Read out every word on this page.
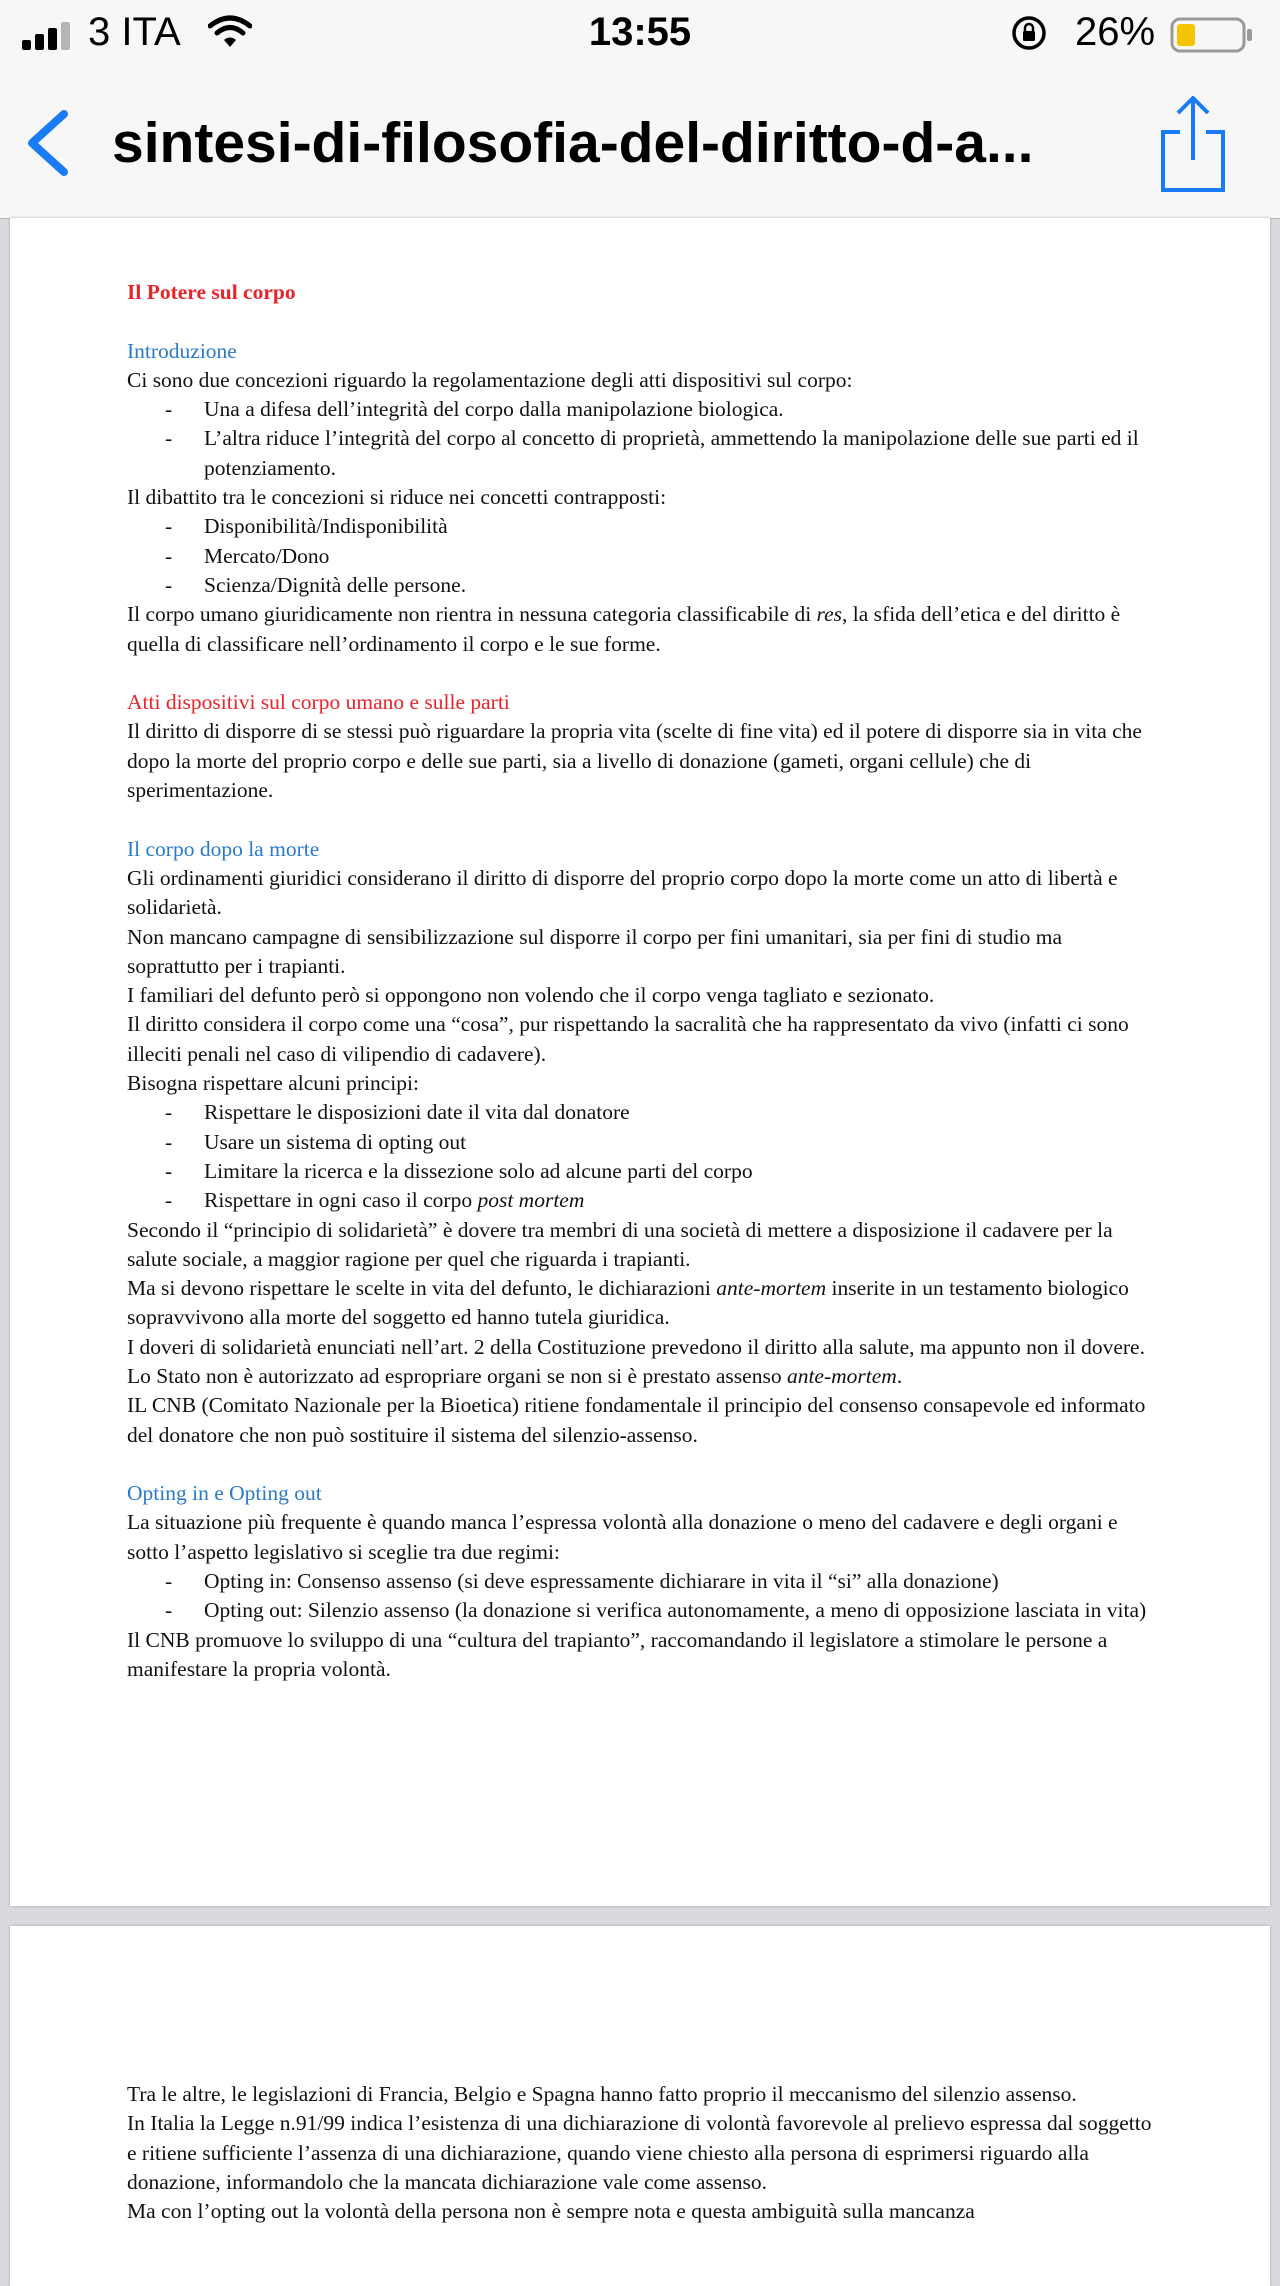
3 ITA	13:55	26%
sintesi-di-filosofia-del-diritto-d-a...

Il Potere sul corpo

Introduzione

Ci sono due concezioni riguardo la regolamentazione degli atti dispositivi sul corpo:

- Una a difesa dell’integrità del corpo dalla manipolazione biologica.
- L’altra riduce l’integrità del corpo al concetto di proprietà, ammettendo la manipolazione delle sue parti ed il potenziamento.

Il dibattito tra le concezioni si riduce nei concetti contrapposti:

- Disponibilità/Indisponibilità
- Mercato/Dono
- Scienza/Dignità delle persone.

Il corpo umano giuridicamente non rientra in nessuna categoria classificabile di res, la sfida dell’etica e del diritto è quella di classificare nell’ordinamento il corpo e le sue forme.

Atti dispositivi sul corpo umano e sulle parti

Il diritto di disporre di se stessi può riguardare la propria vita (scelte di fine vita) ed il potere di disporre sia in vita che dopo la morte del proprio corpo e delle sue parti, sia a livello di donazione (gameti, organi cellule) che di sperimentazione.

Il corpo dopo la morte

Gli ordinamenti giuridici considerano il diritto di disporre del proprio corpo dopo la morte come un atto di libertà e solidarietà.

Non mancano campagne di sensibilizzazione sul disporre il corpo per fini umanitari, sia per fini di studio ma soprattutto per i trapianti.

I familiari del defunto però si oppongono non volendo che il corpo venga tagliato e sezionato.

Il diritto considera il corpo come una “cosa”, pur rispettando la sacralità che ha rappresentato da vivo (infatti ci sono illeciti penali nel caso di vilipendio di cadavere).

Bisogna rispettare alcuni principi:

- Rispettare le disposizioni date il vita dal donatore
- Usare un sistema di opting out
- Limitare la ricerca e la dissezione solo ad alcune parti del corpo
- Rispettare in ogni caso il corpo post mortem

Secondo il “principio di solidarietà” è dovere tra membri di una società di mettere a disposizione il cadavere per la salute sociale, a maggior ragione per quel che riguarda i trapianti.

Ma si devono rispettare le scelte in vita del defunto, le dichiarazioni ante-mortem inserite in un testamento biologico sopravvivono alla morte del soggetto ed hanno tutela giuridica.

I doveri di solidarietà enunciati nell’art. 2 della Costituzione prevedono il diritto alla salute, ma appunto non il dovere. Lo Stato non è autorizzato ad espropriare organi se non si è prestato assenso ante-mortem.

IL CNB (Comitato Nazionale per la Bioetica) ritiene fondamentale il principio del consenso consapevole ed informato del donatore che non può sostituire il sistema del silenzio-assenso.

Opting in e Opting out

La situazione più frequente è quando manca l’espressa volontà alla donazione o meno del cadavere e degli organi e sotto l’aspetto legislativo si sceglie tra due regimi:

- Opting in: Consenso assenso (si deve espressamente dichiarare in vita il “si” alla donazione)
- Opting out: Silenzio assenso (la donazione si verifica autonomamente, a meno di opposizione lasciata in vita)

Il CNB promuove lo sviluppo di una “cultura del trapianto”, raccomandando il legislatore a stimolare le persone a manifestare la propria volontà.

Tra le altre, le legislazioni di Francia, Belgio e Spagna hanno fatto proprio il meccanismo del silenzio assenso.

In Italia la Legge n.91/99 indica l’esistenza di una dichiarazione di volontà favorevole al prelievo espressa dal soggetto e ritiene sufficiente l’assenza di una dichiarazione, quando viene chiesto alla persona di esprimersi riguardo alla donazione, informandolo che la mancata dichiarazione vale come assenso.

Ma con l’opting out la volontà della persona non è sempre nota e questa ambiguità sulla mancanza
